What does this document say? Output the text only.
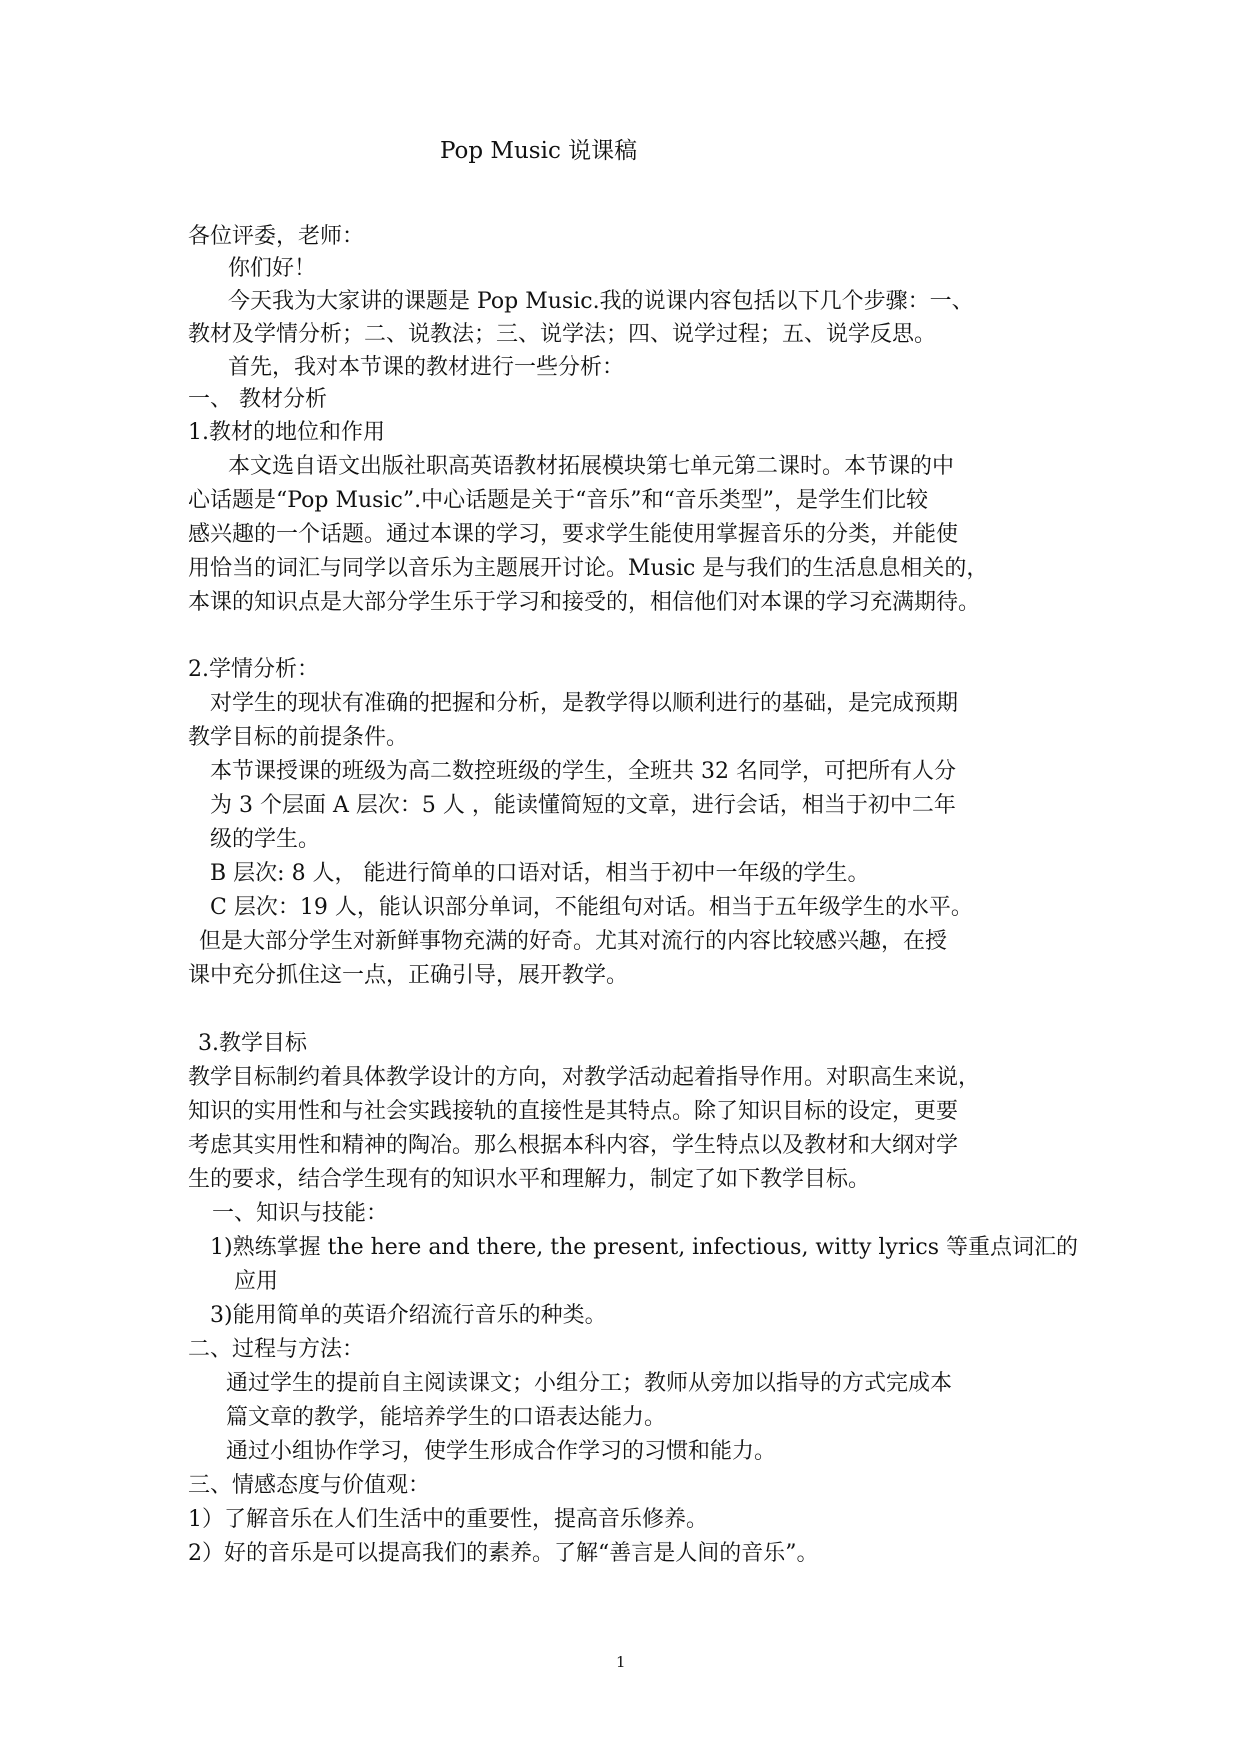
Pop Music 说课稿
各位评委，老师：
你们好！
今天我为大家讲的课题是 Pop Music.我的说课内容包括以下几个步骤：一、
教材及学情分析；二、说教法；三、说学法；四、说学过程；五、说学反思。
首先，我对本节课的教材进行一些分析：
一、 教材分析
1.教材的地位和作用
本文选自语文出版社职高英语教材拓展模块第七单元第二课时。本节课的中
心话题是“Pop Music”.中心话题是关于“音乐”和“音乐类型”，是学生们比较
感兴趣的一个话题。通过本课的学习，要求学生能使用掌握音乐的分类，并能使
用恰当的词汇与同学以音乐为主题展开讨论。Music 是与我们的生活息息相关的，
本课的知识点是大部分学生乐于学习和接受的，相信他们对本课的学习充满期待。
2.学情分析：
对学生的现状有准确的把握和分析，是教学得以顺利进行的基础，是完成预期
教学目标的前提条件。
本节课授课的班级为高二数控班级的学生，全班共 32 名同学，可把所有人分
为 3 个层面 A 层次：5 人 ，能读懂简短的文章，进行会话，相当于初中二年
级的学生。
B 层次: 8 人， 能进行简单的口语对话，相当于初中一年级的学生。
C 层次：19 人，能认识部分单词，不能组句对话。相当于五年级学生的水平。
但是大部分学生对新鲜事物充满的好奇。尤其对流行的内容比较感兴趣，在授
课中充分抓住这一点，正确引导，展开教学。
3.教学目标
教学目标制约着具体教学设计的方向，对教学活动起着指导作用。对职高生来说，
知识的实用性和与社会实践接轨的直接性是其特点。除了知识目标的设定，更要
考虑其实用性和精神的陶冶。那么根据本科内容，学生特点以及教材和大纲对学
生的要求，结合学生现有的知识水平和理解力，制定了如下教学目标。
一、知识与技能：
1)熟练掌握 the here and there, the present, infectious, witty lyrics 等重点词汇的
应用
3)能用简单的英语介绍流行音乐的种类。
二、过程与方法：
通过学生的提前自主阅读课文；小组分工；教师从旁加以指导的方式完成本
篇文章的教学，能培养学生的口语表达能力。
通过小组协作学习，使学生形成合作学习的习惯和能力。
三、情感态度与价值观：
1）了解音乐在人们生活中的重要性，提高音乐修养。
2）好的音乐是可以提高我们的素养。了解“善言是人间的音乐”。
1
